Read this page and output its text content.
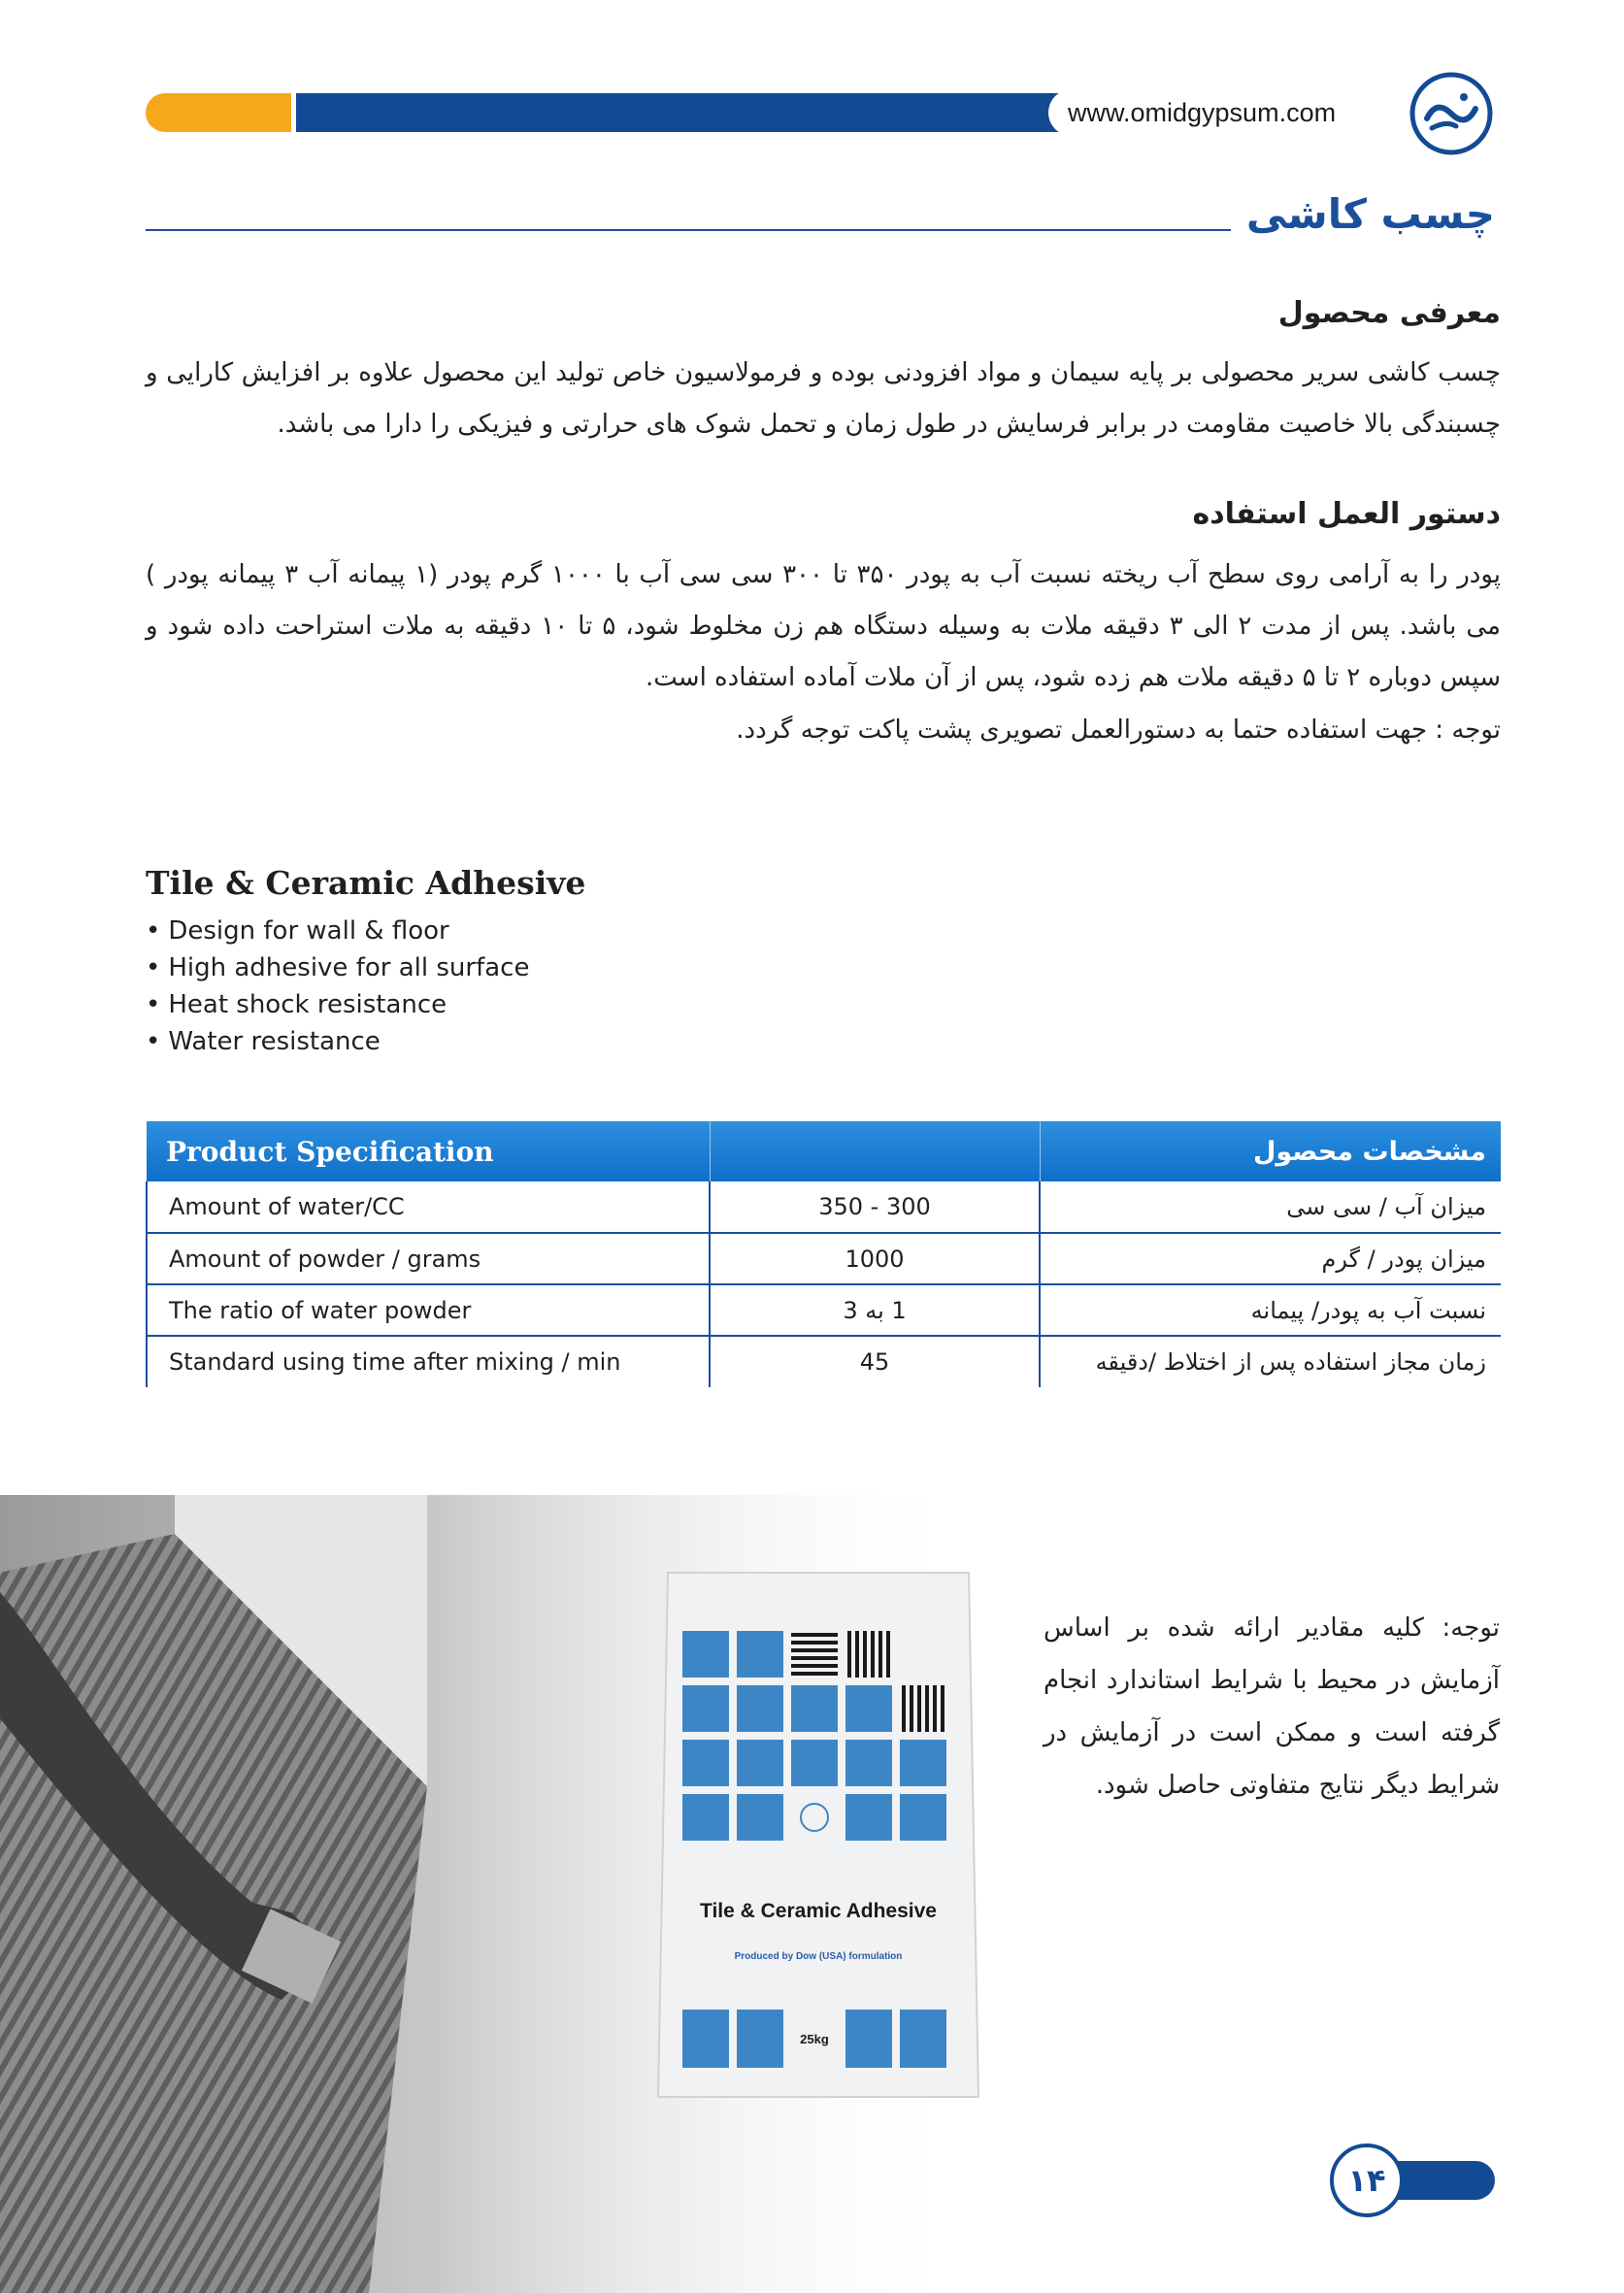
www.omidgypsum.com
چسب کاشی
معرفی محصول

چسب کاشی سریر محصولی بر پایه سیمان و مواد افزودنی بوده و فرمولاسیون خاص تولید این محصول علاوه بر افزایش کارایی و چسبندگی بالا خاصیت مقاومت در برابر فرسایش در طول زمان و تحمل شوک های حرارتی و فیزیکی را دارا می باشد.

دستور العمل استفاده

پودر را به آرامی روی سطح آب ریخته نسبت آب به پودر ۳۵۰ تا ۳۰۰ سی سی آب با ۱۰۰۰ گرم پودر (۱ پیمانه آب ۳ پیمانه پودر ) می باشد. پس از مدت ۲ الی ۳ دقیقه ملات به وسیله دستگاه هم زن مخلوط شود، ۵ تا ۱۰ دقیقه به ملات استراحت داده شود و سپس دوباره ۲ تا ۵ دقیقه ملات هم زده شود، پس از آن ملات آماده استفاده است.

توجه : جهت استفاده حتما به دستورالعمل تصویری پشت پاکت توجه گردد.

Tile & Ceramic Adhesive
• Design for wall & floor
• High adhesive for all surface
• Heat shock resistance
• Water resistance
Product Specification		مشخصات محصول
Amount of water/CC	350 - 300	میزان آب / سی سی
Amount of powder / grams	1000	میزان پودر / گرم
The ratio of water powder	1 به 3	نسبت آب به پودر/ پیمانه
Standard using time after mixing / min	45	زمان مجاز استفاده پس از اختلاط /دقیقه
Tile & Ceramic Adhesive
Produced by Dow (USA) formulation
25kg

توجه: کلیه مقادیر ارائه شده بر اساس آزمایش در محیط با شرایط استاندارد انجام گرفته است و ممکن است در آزمایش در شرایط دیگر نتایج متفاوتی حاصل شود.

۱۴
